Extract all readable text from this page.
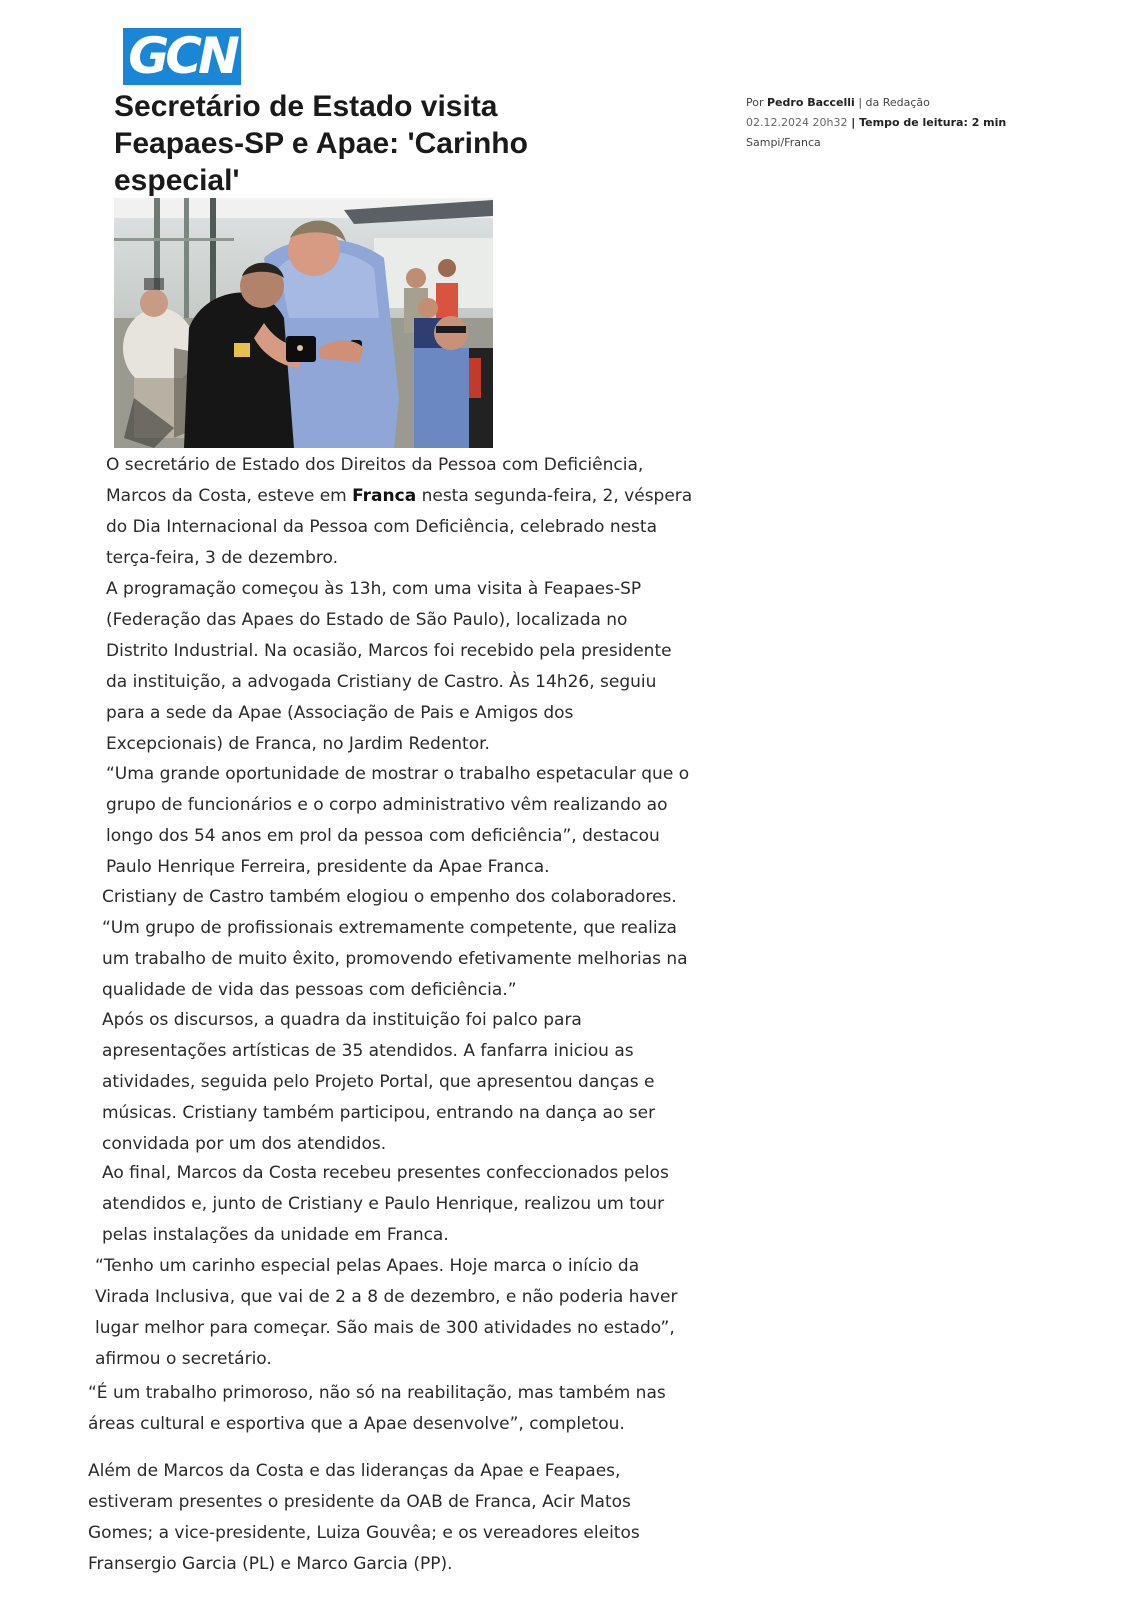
GCN
Secretário de Estado visita Feapaes-SP e Apae: 'Carinho especial'
Por Pedro Baccelli | da Redação
02.12.2024 20h32 | Tempo de leitura: 2 min
Sampi/Franca

O secretário de Estado dos Direitos da Pessoa com Deficiência,
Marcos da Costa, esteve em Franca nesta segunda-feira, 2, véspera
do Dia Internacional da Pessoa com Deficiência, celebrado nesta
terça-feira, 3 de dezembro.

A programação começou às 13h, com uma visita à Feapaes-SP
(Federação das Apaes do Estado de São Paulo), localizada no
Distrito Industrial. Na ocasião, Marcos foi recebido pela presidente
da instituição, a advogada Cristiany de Castro. Às 14h26, seguiu
para a sede da Apae (Associação de Pais e Amigos dos
Excepcionais) de Franca, no Jardim Redentor.

“Uma grande oportunidade de mostrar o trabalho espetacular que o
grupo de funcionários e o corpo administrativo vêm realizando ao
longo dos 54 anos em prol da pessoa com deficiência”, destacou
Paulo Henrique Ferreira, presidente da Apae Franca.

Cristiany de Castro também elogiou o empenho dos colaboradores.
“Um grupo de profissionais extremamente competente, que realiza
um trabalho de muito êxito, promovendo efetivamente melhorias na
qualidade de vida das pessoas com deficiência.”

Após os discursos, a quadra da instituição foi palco para
apresentações artísticas de 35 atendidos. A fanfarra iniciou as
atividades, seguida pelo Projeto Portal, que apresentou danças e
músicas. Cristiany também participou, entrando na dança ao ser
convidada por um dos atendidos.

Ao final, Marcos da Costa recebeu presentes confeccionados pelos
atendidos e, junto de Cristiany e Paulo Henrique, realizou um tour
pelas instalações da unidade em Franca.

“Tenho um carinho especial pelas Apaes. Hoje marca o início da
Virada Inclusiva, que vai de 2 a 8 de dezembro, e não poderia haver
lugar melhor para começar. São mais de 300 atividades no estado”,
afirmou o secretário.

“É um trabalho primoroso, não só na reabilitação, mas também nas
áreas cultural e esportiva que a Apae desenvolve”, completou.

Além de Marcos da Costa e das lideranças da Apae e Feapaes,
estiveram presentes o presidente da OAB de Franca, Acir Matos
Gomes; a vice-presidente, Luiza Gouvêa; e os vereadores eleitos
Fransergio Garcia (PL) e Marco Garcia (PP).
